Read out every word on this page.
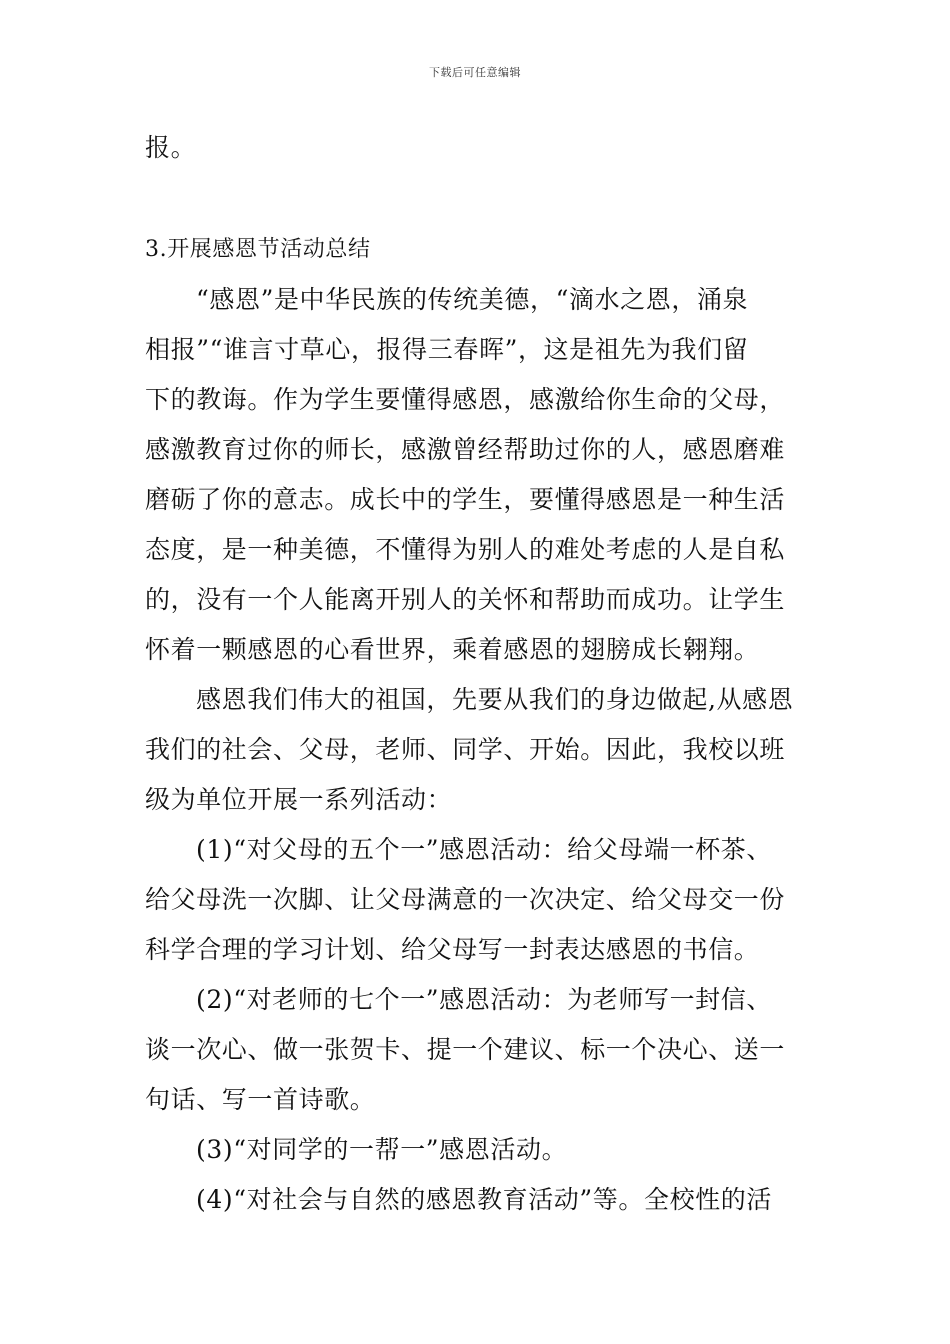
下载后可任意编辑
报。
3.开展感恩节活动总结
“感恩”是中华民族的传统美德，“滴水之恩，涌泉
相报”“谁言寸草心，报得三春晖”，这是祖先为我们留
下的教诲。作为学生要懂得感恩，感激给你生命的父母，
感激教育过你的师长，感激曾经帮助过你的人，感恩磨难
磨砺了你的意志。成长中的学生，要懂得感恩是一种生活
态度，是一种美德，不懂得为别人的难处考虑的人是自私
的，没有一个人能离开别人的关怀和帮助而成功。让学生
怀着一颗感恩的心看世界，乘着感恩的翅膀成长翱翔。
感恩我们伟大的祖国，先要从我们的身边做起,从感恩
我们的社会、父母，老师、同学、开始。因此，我校以班
级为单位开展一系列活动：
(1)“对父母的五个一”感恩活动：给父母端一杯茶、
给父母洗一次脚、让父母满意的一次决定、给父母交一份
科学合理的学习计划、给父母写一封表达感恩的书信。
(2)“对老师的七个一”感恩活动：为老师写一封信、
谈一次心、做一张贺卡、提一个建议、标一个决心、送一
句话、写一首诗歌。
(3)“对同学的一帮一”感恩活动。
(4)“对社会与自然的感恩教育活动”等。全校性的活
